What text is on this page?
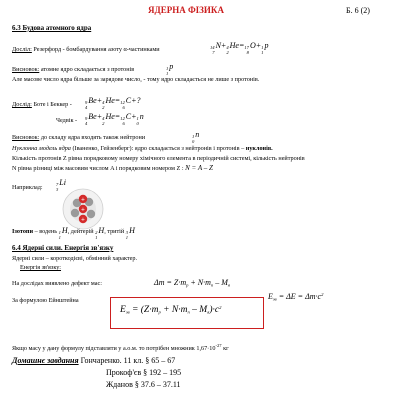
ЯДЕРНА ФІЗИКА	Б. 6 (2)
6.3 Будова атомного ядра
Досліл: Резерфорд - бомбардування азоту α-частинками	14
7
N+ 4
2
He= 17
8
O+ 1
1
p
Висновок: атомне ядро складається з протонів	1
1
p
Але масове число ядра більше за зарядове число, - тому ядро складається не лише з протонів.
Дослід: Боте і Беккер -	9
4
Be+ 4
2
He= 12
6
C+?
Чедвік - 9
4
Be+ 4
2
He= 12
6
C+ 1
0
n
Висновок: до складу ядра входять також нейтрони	1
0
n
Нуклонна модель ядра (Іваненко, Гейзенберг): ядро складається з нейтронів і протонів – нуклонів.
Кількість протонів Z рівна порядковому номеру хімічного елемента в періодичній системі, кількість нейтронів
N рівна різниці між масовим числом A і порядковим номером Z : N = A – Z
Наприклад:	7
3
Li
+
+
+
Ізотопи – водень 1
1
H, дейтерій 2
1
H, тритій 3
1
H
6.4 Ядерні сили. Енергія зв'язку
Ядерні сили – короткодієві, обмінний характер.
Енергія зв'язку:
На дослідах виявлено дефект мас:	$\Delta m = Z\cdot m_p + N\cdot m_n - M_я$
За формулою Ейнштейна	$E_{зв} = \Delta E = \Delta m\cdot c^2$
$E_{зв} = (Z\cdot m_p + N\cdot m_n - M_я)\cdot c^2$
Якщо масу у дану формулу підставляти у а.о.м. то потрібен множник $1,67\cdot 10^{-27}$ кг
Домашнє завдання Гончаренко. 11 кл. § 65 – 67
Прокоф'єв § 192 – 195
Жданов § 37.6 – 37.11
